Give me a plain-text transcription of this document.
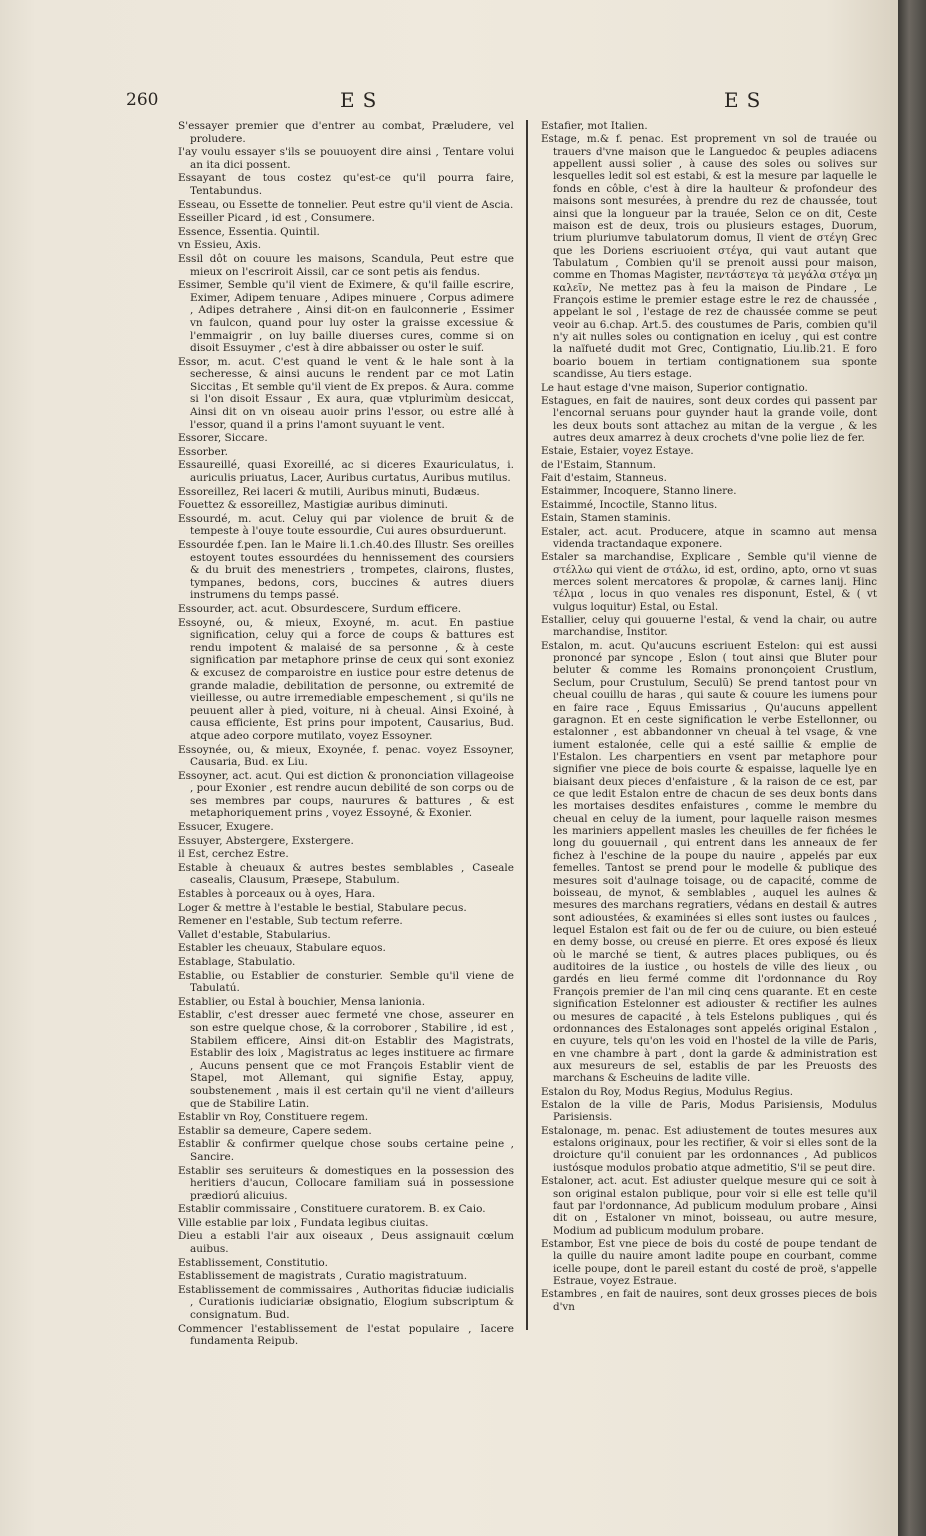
260	ES	ES

S'essayer premier que d'entrer au combat, Præludere, vel proludere.

I'ay voulu essayer s'ils se pouuoyent dire ainsi , Tentare volui an ita dici possent.

Essayant de tous costez qu'est-ce qu'il pourra faire, Tentabundus.

Esseau, ou Essette de tonnelier. Peut estre qu'il vient de Ascia.

Esseiller Picard , id est , Consumere.

Essence, Essentia. Quintil.

vn Essieu, Axis.

Essil dôt on couure les maisons, Scandula, Peut estre que mieux on l'escriroit Aissil, car ce sont petis ais fendus.

Essimer, Semble qu'il vient de Eximere, & qu'il faille escrire, Eximer, Adipem tenuare , Adipes minuere , Corpus adimere , Adipes detrahere , Ainsi dit-on en faulconnerie , Essimer vn faulcon, quand pour luy oster la graisse excessiue & l'emmaigrir , on luy baille diuerses cures, comme si on disoit Essuymer , c'est à dire abbaisser ou oster le suif.

Essor, m. acut. C'est quand le vent & le hale sont à la secheresse, & ainsi aucuns le rendent par ce mot Latin Siccitas , Et semble qu'il vient de Ex prepos. & Aura. comme si l'on disoit Essaur , Ex aura, quæ vtplurimùm desiccat, Ainsi dit on vn oiseau auoir prins l'essor, ou estre allé à l'essor, quand il a prins l'amont suyuant le vent.

Essorer, Siccare.

Essorber.

Essaureillé, quasi Exoreillé, ac si diceres Exauriculatus, i. auriculis priuatus, Lacer, Auribus curtatus, Auribus mutilus.

Essoreillez, Rei laceri & mutili, Auribus minuti, Budæus.

Fouettez & essoreillez, Mastigiæ auribus diminuti.

Essourdé, m. acut. Celuy qui par violence de bruit & de tempeste à l'ouye toute essourdie, Cui aures obsurduerunt.

Essourdée f.pen. Ian le Maire li.1.ch.40.des Illustr. Ses oreilles estoyent toutes essourdées du hennissement des coursiers & du bruit des menestriers , trompetes, clairons, flustes, tympanes, bedons, cors, buccines & autres diuers instrumens du temps passé.

Essourder, act. acut. Obsurdescere, Surdum efficere.

Essoyné, ou, & mieux, Exoyné, m. acut. En pastiue signification, celuy qui a force de coups & battures est rendu impotent & malaisé de sa personne , & à ceste signification par metaphore prinse de ceux qui sont exoniez & excusez de comparoistre en iustice pour estre detenus de grande maladie, debilitation de personne, ou extremité de vieillesse, ou autre irremediable empeschement , si qu'ils ne peuuent aller à pied, voiture, ni à cheual. Ainsi Exoiné, à causa efficiente, Est prins pour impotent, Causarius, Bud. atque adeo corpore mutilato, voyez Essoyner.

Essoynée, ou, & mieux, Exoynée, f. penac. voyez Essoyner, Causaria, Bud. ex Liu.

Essoyner, act. acut. Qui est diction & prononciation villageoise , pour Exonier , est rendre aucun debilité de son corps ou de ses membres par coups, naurures & battures , & est metaphoriquement prins , voyez Essoyné, & Exonier.

Essucer, Exugere.

Essuyer, Abstergere, Exstergere.

il Est, cerchez Estre.

Estable à cheuaux & autres bestes semblables , Caseale casealis, Clausum, Præsepe, Stabulum.

Estables à porceaux ou à oyes, Hara.

Loger & mettre à l'estable le bestial, Stabulare pecus.

Remener en l'estable, Sub tectum referre.

Vallet d'estable, Stabularius.

Establer les cheuaux, Stabulare equos.

Establage, Stabulatio.

Establie, ou Establier de consturier. Semble qu'il viene de Tabulatú.

Establier, ou Estal à bouchier, Mensa lanionia.

Establir, c'est dresser auec fermeté vne chose, asseurer en son estre quelque chose, & la corroborer , Stabilire , id est , Stabilem efficere, Ainsi dit-on Establir des Magistrats, Establir des loix , Magistratus ac leges instituere ac firmare , Aucuns pensent que ce mot François Establir vient de Stapel, mot Allemant, qui signifie Estay, appuy, soubstenement , mais il est certain qu'il ne vient d'ailleurs que de Stabilire Latin.

Establir vn Roy, Constituere regem.

Establir sa demeure, Capere sedem.

Establir & confirmer quelque chose soubs certaine peine , Sancire.

Establir ses seruiteurs & domestiques en la possession des heritiers d'aucun, Collocare familiam suá in possessione prædiorú alicuius.

Establir commissaire , Constituere curatorem. B. ex Caio.

Ville establie par loix , Fundata legibus ciuitas.

Dieu a establi l'air aux oiseaux , Deus assignauit cœlum auibus.

Establissement, Constitutio.

Establissement de magistrats , Curatio magistratuum.

Establissement de commissaires , Authoritas fiduciæ iudicialis , Curationis iudiciariæ obsignatio, Elogium subscriptum & consignatum. Bud.

Commencer l'establissement de l'estat populaire , Iacere fundamenta Reipub.

Estafier, mot Italien.

Estage, m.& f. penac. Est proprement vn sol de trauée ou trauers d'vne maison que le Languedoc & peuples adiacens appellent aussi solier , à cause des soles ou solives sur lesquelles ledit sol est estabi, & est la mesure par laquelle le fonds en côble, c'est à dire la haulteur & profondeur des maisons sont mesurées, à prendre du rez de chaussée, tout ainsi que la longueur par la trauée, Selon ce on dit, Ceste maison est de deux, trois ou plusieurs estages, Duorum, trium pluriumve tabulatorum domus, Il vient de στέγη Grec que les Doriens escriuoient στέγα, qui vaut autant que Tabulatum , Combien qu'il se prenoit aussi pour maison, comme en Thomas Magister, πεντάστεγα τὰ μεγάλα στέγα μη καλεῖν, Ne mettez pas à feu la maison de Pindare , Le François estime le premier estage estre le rez de chaussée , appelant le sol , l'estage de rez de chaussée comme se peut veoir au 6.chap. Art.5. des coustumes de Paris, combien qu'il n'y ait nulles soles ou contignation en iceluy , qui est contre la naïfueté dudit mot Grec, Contignatio, Liu.lib.21. E foro boario bouem in tertiam contignationem sua sponte scandisse, Au tiers estage.

Le haut estage d'vne maison, Superior contignatio.

Estagues, en fait de nauires, sont deux cordes qui passent par l'encornal seruans pour guynder haut la grande voile, dont les deux bouts sont attachez au mitan de la vergue , & les autres deux amarrez à deux crochets d'vne polie liez de fer.

Estaie, Estaier, voyez Estaye.

de l'Estaim, Stannum.

Fait d'estaim, Stanneus.

Estaimmer, Incoquere, Stanno linere.

Estaimmé, Incoctile, Stanno litus.

Estain, Stamen staminis.

Estaler, act. acut. Producere, atque in scamno aut mensa videnda tractandaque exponere.

Estaler sa marchandise, Explicare , Semble qu'il vienne de στέλλω qui vient de στάλω, id est, ordino, apto, orno vt suas merces solent mercatores & propolæ, & carnes lanij. Hinc τέλμα , locus in quo venales res disponunt, Estel, & ( vt vulgus loquitur) Estal, ou Estal.

Estallier, celuy qui gouuerne l'estal, & vend la chair, ou autre marchandise, Institor.

Estalon, m. acut. Qu'aucuns escriuent Estelon: qui est aussi prononcé par syncope , Eslon ( tout ainsi que Bluter pour beluter & comme les Romains prononçoient Crustlum, Seclum, pour Crustulum, Seculũ) Se prend tantost pour vn cheual couillu de haras , qui saute & couure les iumens pour en faire race , Equus Emissarius , Qu'aucuns appellent garagnon. Et en ceste signification le verbe Estellonner, ou estalonner , est abbandonner vn cheual à tel vsage, & vne iument estalonée, celle qui a esté saillie & emplie de l'Estalon. Les charpentiers en vsent par metaphore pour signifier vne piece de bois courte & espaisse, laquelle lye en biaisant deux pieces d'enfaisture , & la raison de ce est, par ce que ledit Estalon entre de chacun de ses deux bonts dans les mortaises desdites enfaistures , comme le membre du cheual en celuy de la iument, pour laquelle raison mesmes les mariniers appellent masles les cheuilles de fer fichées le long du gouuernail , qui entrent dans les anneaux de fer fichez à l'eschine de la poupe du nauire , appelés par eux femelles. Tantost se prend pour le modelle & publique des mesures soit d'aulnage toisage, ou de capacité, comme de boisseau, de mynot, & semblables , auquel les aulnes & mesures des marchans regratiers, védans en destail & autres sont adioustées, & examinées si elles sont iustes ou faulces , lequel Estalon est fait ou de fer ou de cuiure, ou bien esteué en demy bosse, ou creusé en pierre. Et ores exposé és lieux où le marché se tient, & autres places publiques, ou és auditoires de la iustice , ou hostels de ville des lieux , ou gardés en lieu fermé comme dit l'ordonnance du Roy François premier de l'an mil cinq cens quarante. Et en ceste signification Estelonner est adiouster & rectifier les aulnes ou mesures de capacité , à tels Estelons publiques , qui és ordonnances des Estalonages sont appelés original Estalon , en cuyure, tels qu'on les void en l'hostel de la ville de Paris, en vne chambre à part , dont la garde & administration est aux mesureurs de sel, establis de par les Preuosts des marchans & Escheuins de ladite ville.

Estalon du Roy, Modus Regius, Modulus Regius.

Estalon de la ville de Paris, Modus Parisiensis, Modulus Parisiensis.

Estalonage, m. penac. Est adiustement de toutes mesures aux estalons originaux, pour les rectifier, & voir si elles sont de la droicture qu'il conuient par les ordonnances , Ad publicos iustósque modulos probatio atque admetitio, S'il se peut dire.

Estaloner, act. acut. Est adiuster quelque mesure qui ce soit à son original estalon publique, pour voir si elle est telle qu'il faut par l'ordonnance, Ad publicum modulum probare , Ainsi dit on , Estaloner vn minot, boisseau, ou autre mesure, Modium ad publicum modulum probare.

Estambor, Est vne piece de bois du costé de poupe tendant de la quille du nauire amont ladite poupe en courbant, comme icelle poupe, dont le pareil estant du costé de proë, s'appelle Estraue, voyez Estraue.

Estambres , en fait de nauires, sont deux grosses pieces de bois d'vn
